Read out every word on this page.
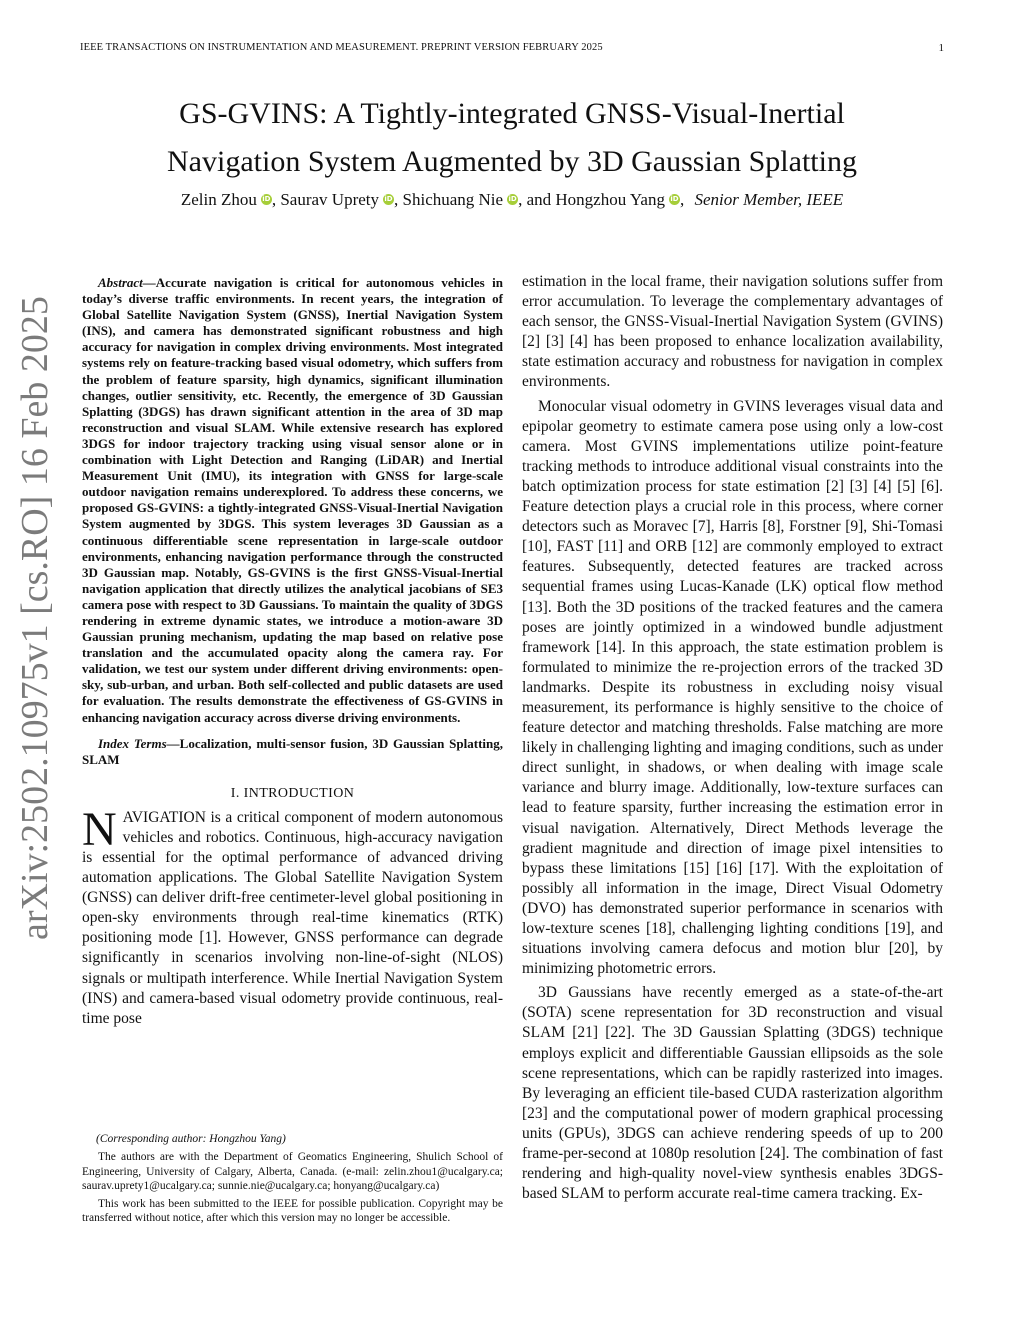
IEEE TRANSACTIONS ON INSTRUMENTATION AND MEASUREMENT. PREPRINT VERSION FEBRUARY 2025	1
arXiv:2502.10975v1 [cs.RO] 16 Feb 2025
GS-GVINS: A Tightly-integrated GNSS-Visual-Inertial
Navigation System Augmented by 3D Gaussian Splatting
Zelin Zhou iD, Saurav Uprety iD, Shichuang Nie iD, and Hongzhou Yang iD, Senior Member, IEEE

Abstract—Accurate navigation is critical for autonomous vehicles in today’s diverse traffic environments. In recent years, the integration of Global Satellite Navigation System (GNSS), Inertial Navigation System (INS), and camera has demonstrated significant robustness and high accuracy for navigation in complex driving environments. Most integrated systems rely on feature-tracking based visual odometry, which suffers from the problem of feature sparsity, high dynamics, significant illumination changes, outlier sensitivity, etc. Recently, the emergence of 3D Gaussian Splatting (3DGS) has drawn significant attention in the area of 3D map reconstruction and visual SLAM. While extensive research has explored 3DGS for indoor trajectory tracking using visual sensor alone or in combination with Light Detection and Ranging (LiDAR) and Inertial Measurement Unit (IMU), its integration with GNSS for large-scale outdoor navigation remains underexplored. To address these concerns, we proposed GS-GVINS: a tightly-integrated GNSS-Visual-Inertial Navigation System augmented by 3DGS. This system leverages 3D Gaussian as a continuous differentiable scene representation in large-scale outdoor environments, enhancing navigation performance through the constructed 3D Gaussian map. Notably, GS-GVINS is the first GNSS-Visual-Inertial navigation application that directly utilizes the analytical jacobians of SE3 camera pose with respect to 3D Gaussians. To maintain the quality of 3DGS rendering in extreme dynamic states, we introduce a motion-aware 3D Gaussian pruning mechanism, updating the map based on relative pose translation and the accumulated opacity along the camera ray. For validation, we test our system under different driving environments: open-sky, sub-urban, and urban. Both self-collected and public datasets are used for evaluation. The results demonstrate the effectiveness of GS-GVINS in enhancing navigation accuracy across diverse driving environments.

Index Terms—Localization, multi-sensor fusion, 3D Gaussian Splatting, SLAM

I. INTRODUCTION

NAVIGATION is a critical component of modern autonomous vehicles and robotics. Continuous, high-accuracy navigation is essential for the optimal performance of advanced driving automation applications. The Global Satellite Navigation System (GNSS) can deliver drift-free centimeter-level global positioning in open-sky environments through real-time kinematics (RTK) positioning mode [1]. However, GNSS performance can degrade significantly in scenarios involving non-line-of-sight (NLOS) signals or multipath interference. While Inertial Navigation System (INS) and camera-based visual odometry provide continuous, real-time pose

(Corresponding author: Hongzhou Yang)

The authors are with the Department of Geomatics Engineering, Shulich School of Engineering, University of Calgary, Alberta, Canada. (e-mail: zelin.zhou1@ucalgary.ca; saurav.uprety1@ucalgary.ca; sunnie.nie@ucalgary.ca; honyang@ucalgary.ca)

This work has been submitted to the IEEE for possible publication. Copyright may be transferred without notice, after which this version may no longer be accessible.

estimation in the local frame, their navigation solutions suffer from error accumulation. To leverage the complementary advantages of each sensor, the GNSS-Visual-Inertial Navigation System (GVINS) [2] [3] [4] has been proposed to enhance localization availability, state estimation accuracy and robustness for navigation in complex environments.

Monocular visual odometry in GVINS leverages visual data and epipolar geometry to estimate camera pose using only a low-cost camera. Most GVINS implementations utilize point-feature tracking methods to introduce additional visual constraints into the batch optimization process for state estimation [2] [3] [4] [5] [6]. Feature detection plays a crucial role in this process, where corner detectors such as Moravec [7], Harris [8], Forstner [9], Shi-Tomasi [10], FAST [11] and ORB [12] are commonly employed to extract features. Subsequently, detected features are tracked across sequential frames using Lucas-Kanade (LK) optical flow method [13]. Both the 3D positions of the tracked features and the camera poses are jointly optimized in a windowed bundle adjustment framework [14]. In this approach, the state estimation problem is formulated to minimize the re-projection errors of the tracked 3D landmarks. Despite its robustness in excluding noisy visual measurement, its performance is highly sensitive to the choice of feature detector and matching thresholds. False matching are more likely in challenging lighting and imaging conditions, such as under direct sunlight, in shadows, or when dealing with image scale variance and blurry image. Additionally, low-texture surfaces can lead to feature sparsity, further increasing the estimation error in visual navigation. Alternatively, Direct Methods leverage the gradient magnitude and direction of image pixel intensities to bypass these limitations [15] [16] [17]. With the exploitation of possibly all information in the image, Direct Visual Odometry (DVO) has demonstrated superior performance in scenarios with low-texture scenes [18], challenging lighting conditions [19], and situations involving camera defocus and motion blur [20], by minimizing photometric errors.

3D Gaussians have recently emerged as a state-of-the-art (SOTA) scene representation for 3D reconstruction and visual SLAM [21] [22]. The 3D Gaussian Splatting (3DGS) technique employs explicit and differentiable Gaussian ellipsoids as the sole scene representations, which can be rapidly rasterized into images. By leveraging an efficient tile-based CUDA rasterization algorithm [23] and the computational power of modern graphical processing units (GPUs), 3DGS can achieve rendering speeds of up to 200 frame-per-second at 1080p resolution [24]. The combination of fast rendering and high-quality novel-view synthesis enables 3DGS-based SLAM to perform accurate real-time camera tracking. Ex-
